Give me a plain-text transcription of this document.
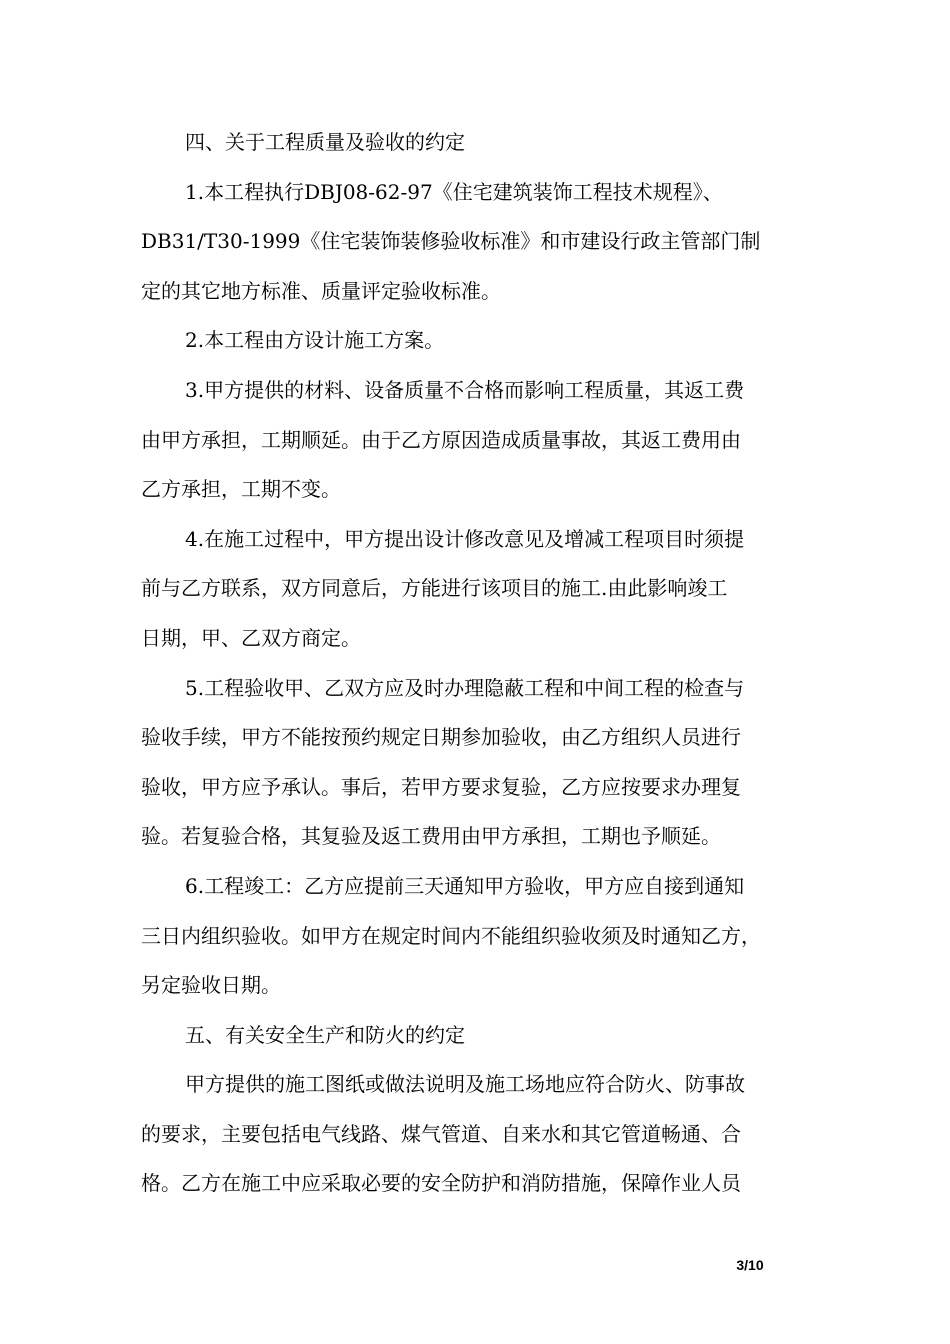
四、关于工程质量及验收的约定
1.本工程执行DBJ08-62-97《住宅建筑装饰工程技术规程》、
DB31/T30-1999《住宅装饰装修验收标准》和市建设行政主管部门制
定的其它地方标准、质量评定验收标准。
2.本工程由方设计施工方案。
3.甲方提供的材料、设备质量不合格而影响工程质量，其返工费
由甲方承担，工期顺延。由于乙方原因造成质量事故，其返工费用由
乙方承担，工期不变。
4.在施工过程中，甲方提出设计修改意见及增减工程项目时须提
前与乙方联系，双方同意后，方能进行该项目的施工.由此影响竣工
日期，甲、乙双方商定。
5.工程验收甲、乙双方应及时办理隐蔽工程和中间工程的检查与
验收手续，甲方不能按预约规定日期参加验收，由乙方组织人员进行
验收，甲方应予承认。事后，若甲方要求复验，乙方应按要求办理复
验。若复验合格，其复验及返工费用由甲方承担，工期也予顺延。
6.工程竣工：乙方应提前三天通知甲方验收，甲方应自接到通知
三日内组织验收。如甲方在规定时间内不能组织验收须及时通知乙方，
另定验收日期。
五、有关安全生产和防火的约定
甲方提供的施工图纸或做法说明及施工场地应符合防火、防事故
的要求，主要包括电气线路、煤气管道、自来水和其它管道畅通、合
格。乙方在施工中应采取必要的安全防护和消防措施，保障作业人员
3/10
